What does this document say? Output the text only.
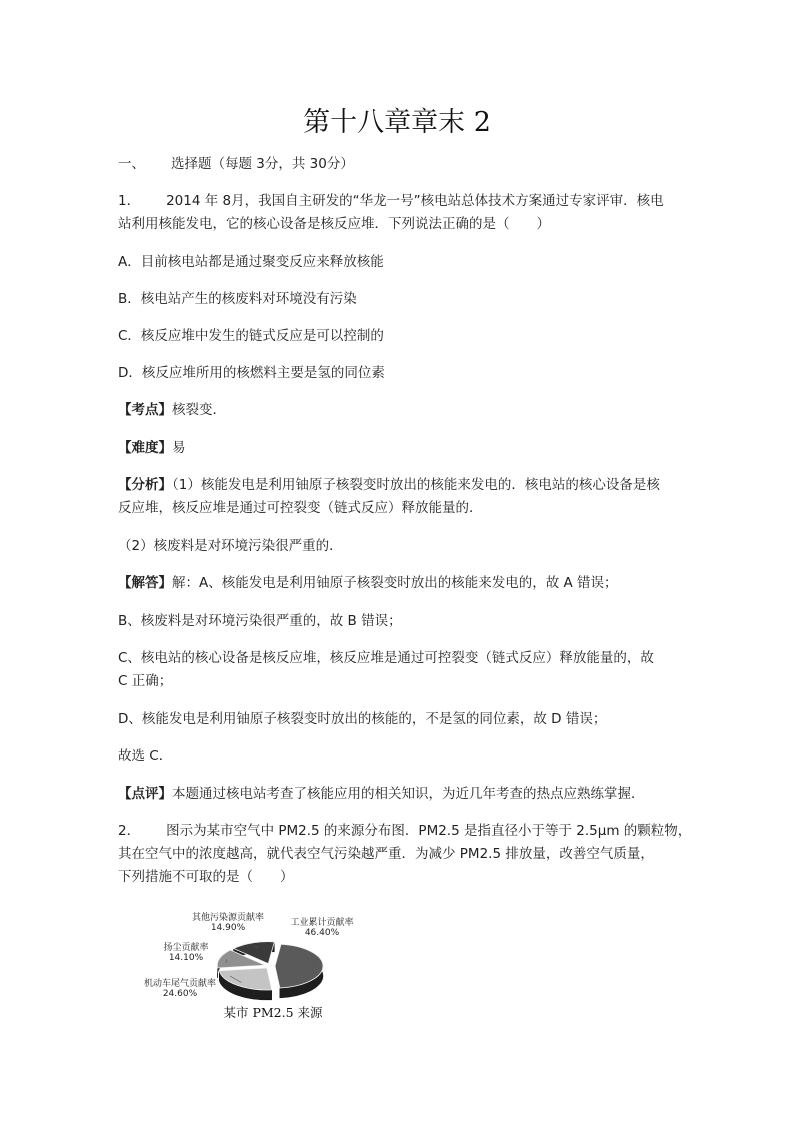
第十八章章末 2
一、 选择题（每题 3分，共 30分）
1． 2014 年 8月，我国自主研发的“华龙一号”核电站总体技术方案通过专家评审．核电
站利用核能发电，它的核心设备是核反应堆．下列说法正确的是（　　）
A．目前核电站都是通过聚变反应来释放核能
B．核电站产生的核废料对环境没有污染
C．核反应堆中发生的链式反应是可以控制的
D．核反应堆所用的核燃料主要是氢的同位素
【考点】核裂变．
【难度】易
【分析】（1）核能发电是利用铀原子核裂变时放出的核能来发电的．核电站的核心设备是核
反应堆，核反应堆是通过可控裂变（链式反应）释放能量的．
（2）核废料是对环境污染很严重的．
【解答】解：A、核能发电是利用铀原子核裂变时放出的核能来发电的，故 A 错误；
B、核废料是对环境污染很严重的，故 B 错误；
C、核电站的核心设备是核反应堆，核反应堆是通过可控裂变（链式反应）释放能量的，故
C 正确；
D、核能发电是利用铀原子核裂变时放出的核能的，不是氢的同位素，故 D 错误；
故选 C．
【点评】本题通过核电站考查了核能应用的相关知识，为近几年考查的热点应熟练掌握．
2． 图示为某市空气中 PM2.5 的来源分布图．PM2.5 是指直径小于等于 2.5μm 的颗粒物，
其在空气中的浓度越高，就代表空气污染越严重．为减少 PM2.5 排放量，改善空气质量，
下列措施不可取的是（　　）
工业累计贡献率
46.40%
机动车尾气贡献率
24.60%
扬尘贡献率
14.10%
其他污染源贡献率
14.90%
某市 PM2.5 来源
